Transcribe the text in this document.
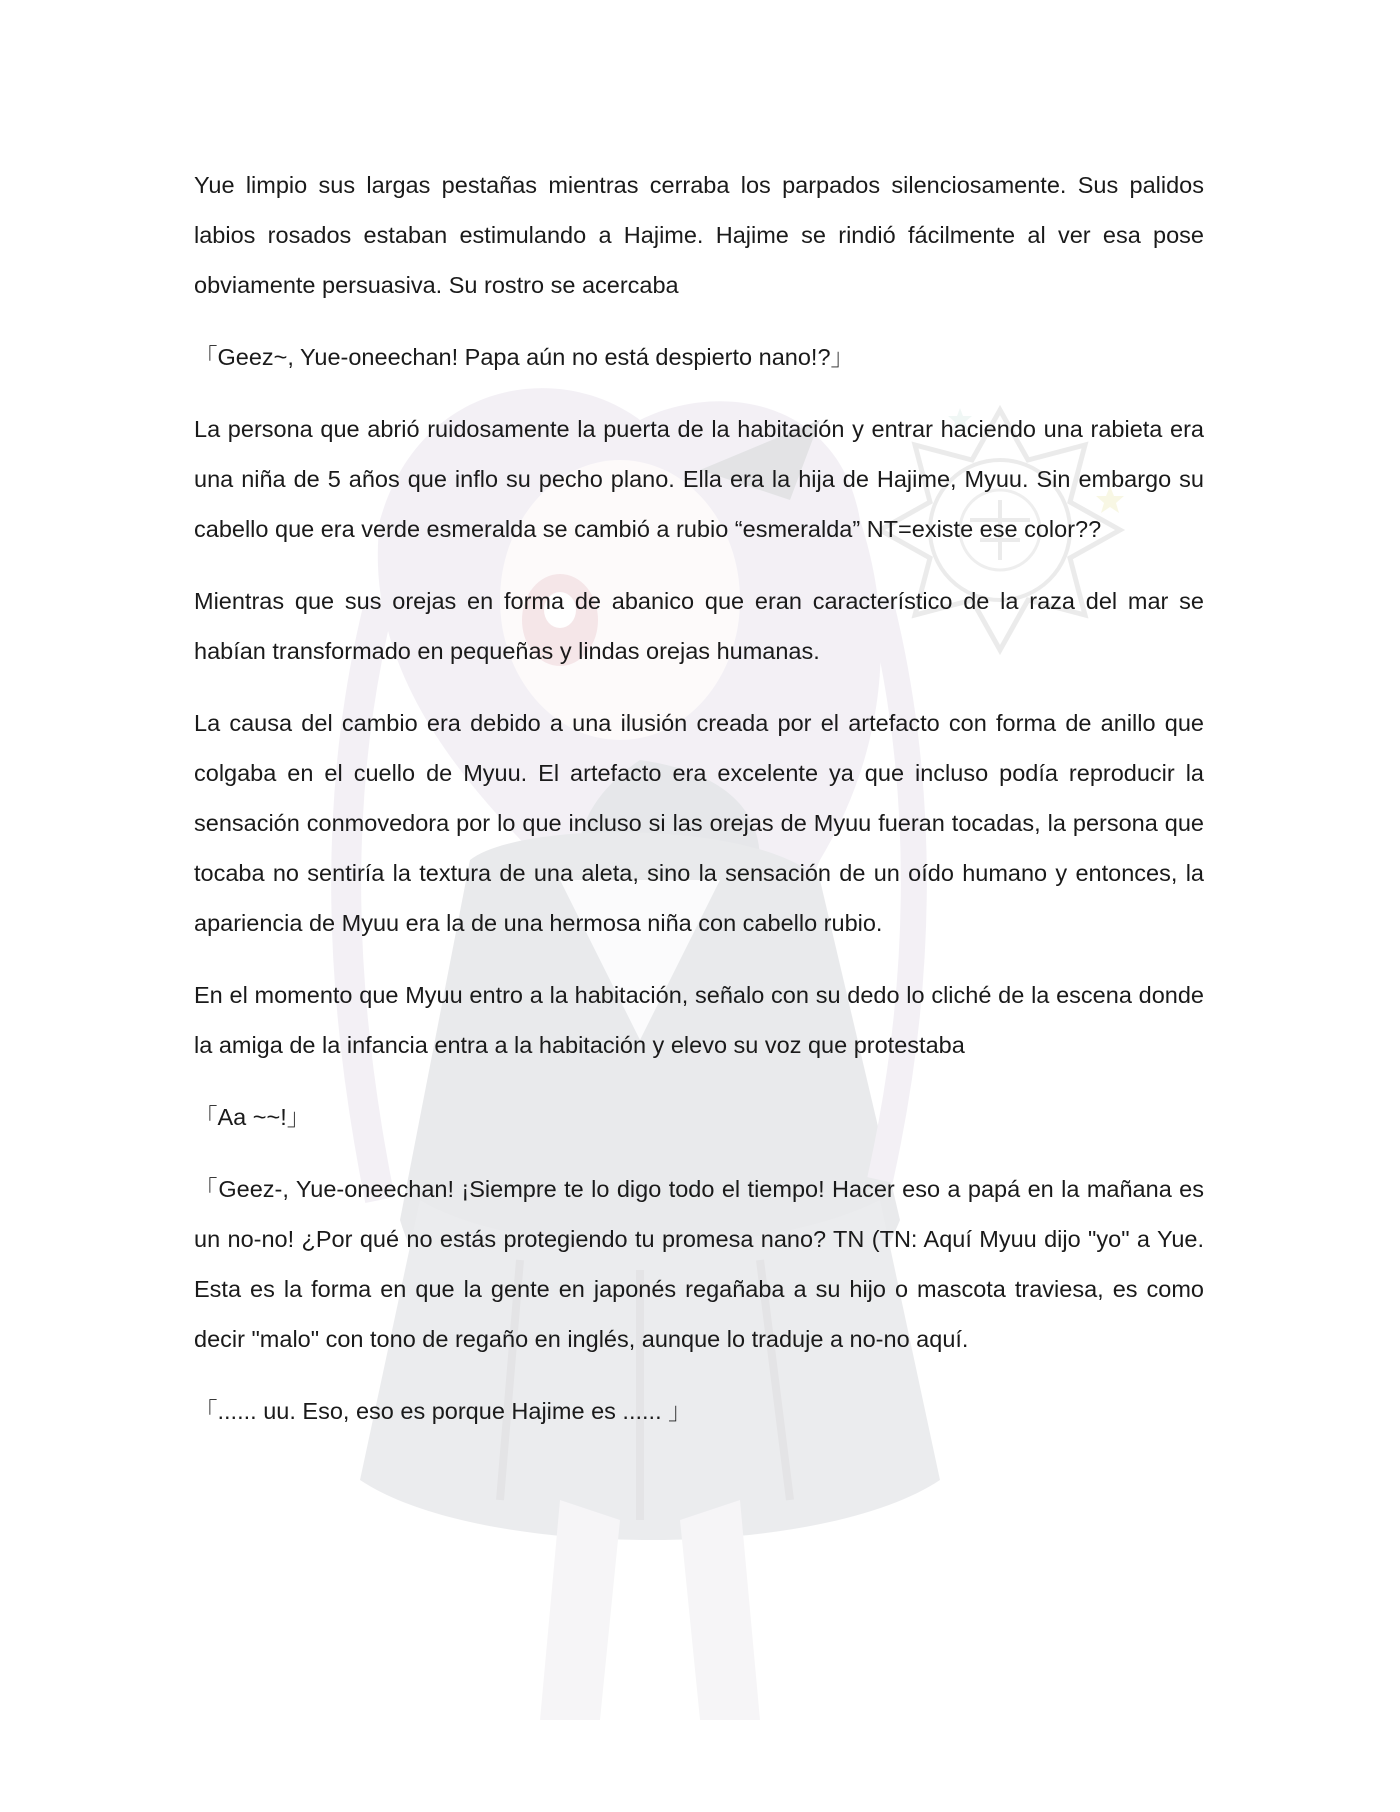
Yue limpio sus largas pestañas mientras cerraba los parpados silenciosamente. Sus palidos labios rosados estaban estimulando a Hajime. Hajime se rindió fácilmente al ver esa pose obviamente persuasiva. Su rostro se acercaba

「Geez~, Yue-oneechan! Papa aún no está despierto nano!?」

La persona que abrió ruidosamente la puerta de la habitación y entrar haciendo una rabieta era una niña de 5 años que inflo su pecho plano. Ella era la hija de Hajime, Myuu. Sin embargo su cabello que era verde esmeralda se cambió a rubio “esmeralda” NT=existe ese color??

Mientras que sus orejas en forma de abanico que eran característico de la raza del mar se habían transformado en pequeñas y lindas orejas humanas.

La causa del cambio era debido a una ilusión creada por el artefacto con forma de anillo que colgaba en el cuello de Myuu. El artefacto era excelente ya que incluso podía reproducir la sensación conmovedora por lo que incluso si las orejas de Myuu fueran tocadas, la persona que tocaba no sentiría la textura de una aleta, sino la sensación de un oído humano y entonces, la apariencia de Myuu era la de una hermosa niña con cabello rubio.

En el momento que Myuu entro a la habitación, señalo con su dedo lo cliché de la escena donde la amiga de la infancia entra a la habitación y elevo su voz que protestaba

「Aa ~~!」

「Geez-, Yue-oneechan! ¡Siempre te lo digo todo el tiempo! Hacer eso a papá en la mañana es un no-no! ¿Por qué no estás protegiendo tu promesa nano? TN (TN: Aquí Myuu dijo "yo" a Yue. Esta es la forma en que la gente en japonés regañaba a su hijo o mascota traviesa, es como decir "malo" con tono de regaño en inglés, aunque lo traduje a no-no aquí.

「...... uu. Eso, eso es porque Hajime es ...... 」
